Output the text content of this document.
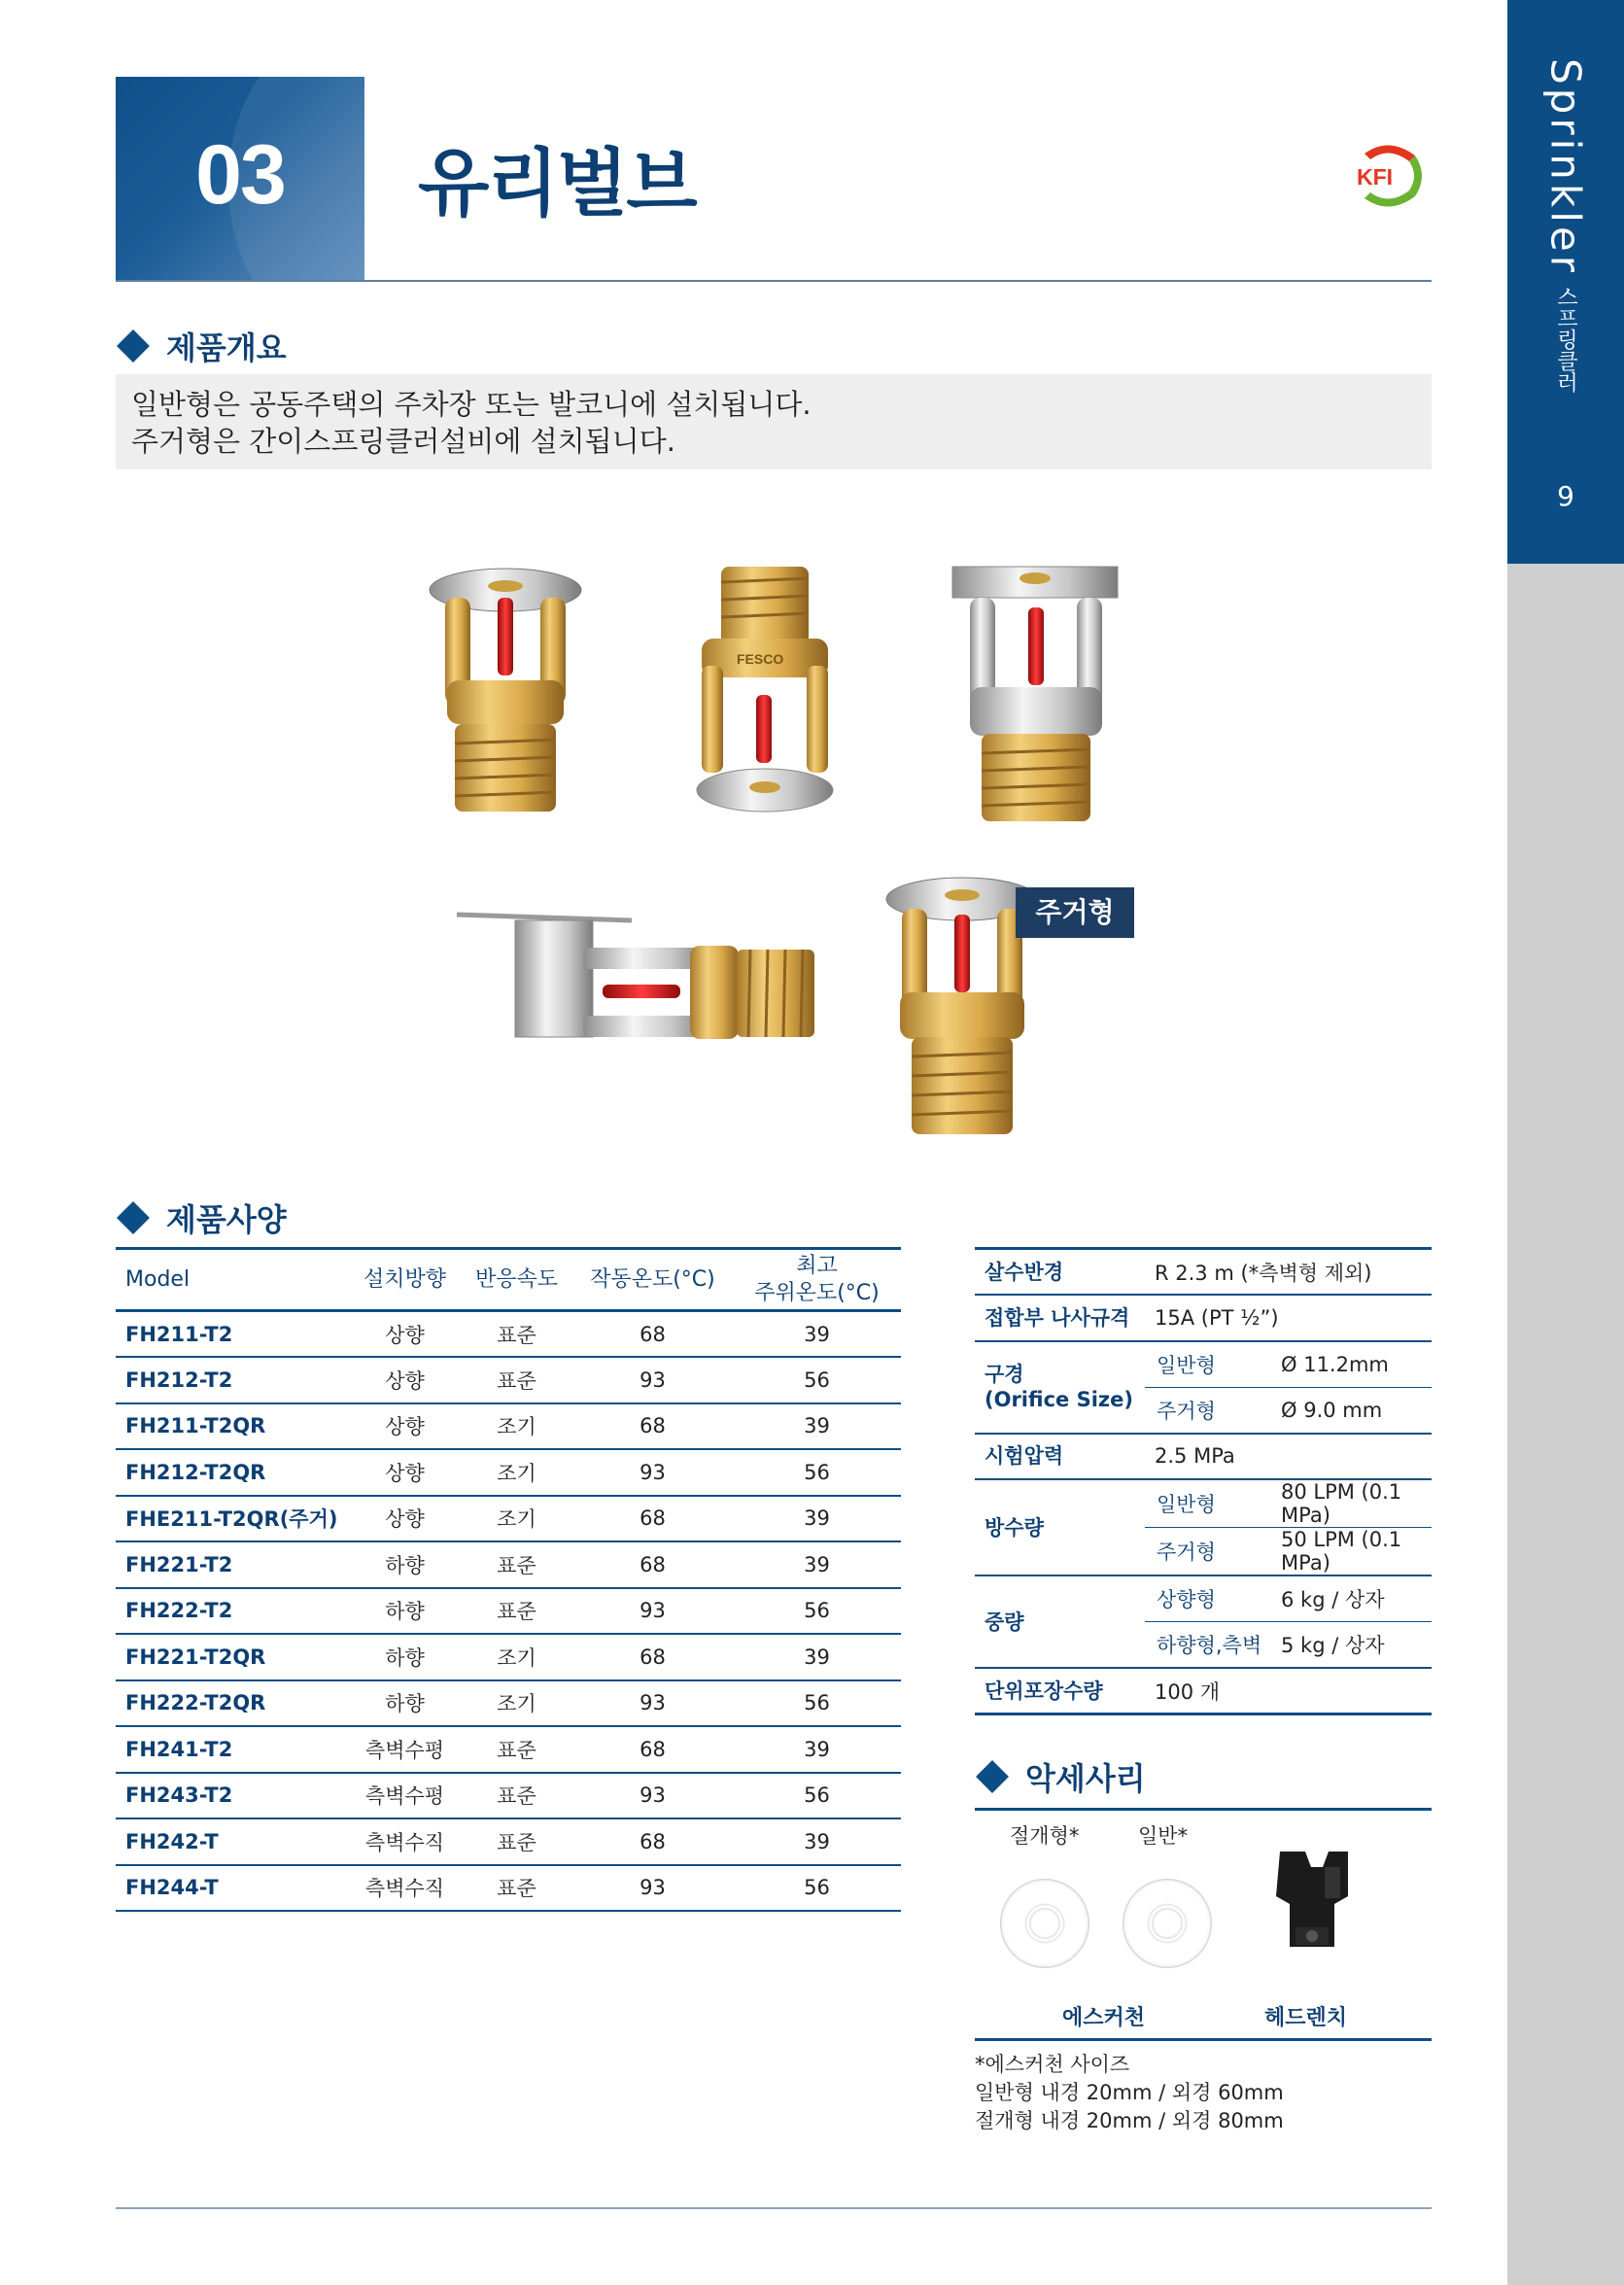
Sprinkler
스프링클러
9
03	유리벌브	KFI
제품개요
일반형은 공동주택의 주차장 또는 발코니에 설치됩니다.
주거형은 간이스프링클러설비에 설치됩니다.
FESCO
주거형
제품사양
Model	설치방향	반응속도	작동온도(°C)	최고
주위온도(°C)
FH211-T2	상향	표준	68	39
FH212-T2	상향	표준	93	56
FH211-T2QR	상향	조기	68	39
FH212-T2QR	상향	조기	93	56
FHE211-T2QR(주거)	상향	조기	68	39
FH221-T2	하향	표준	68	39
FH222-T2	하향	표준	93	56
FH221-T2QR	하향	조기	68	39
FH222-T2QR	하향	조기	93	56
FH241-T2	측벽수평	표준	68	39
FH243-T2	측벽수평	표준	93	56
FH242-T	측벽수직	표준	68	39
FH244-T	측벽수직	표준	93	56
살수반경	R 2.3 m (*측벽형 제외)	
접합부 나사규격	15A (PT ½”)	
구경
(Orifice Size)	일반형	Ø 11.2mm
	주거형	Ø 9.0 mm
시험압력	2.5 MPa	
방수량	일반형	80 LPM (0.1 MPa)
	주거형	50 LPM (0.1 MPa)
중량	상향형	6 kg / 상자
	하향형,측벽	5 kg / 상자
단위포장수량	100 개	
악세사리
절개형*	일반*
에스커천	헤드렌치
*에스커천 사이즈
일반형 내경 20mm / 외경 60mm
절개형 내경 20mm / 외경 80mm
